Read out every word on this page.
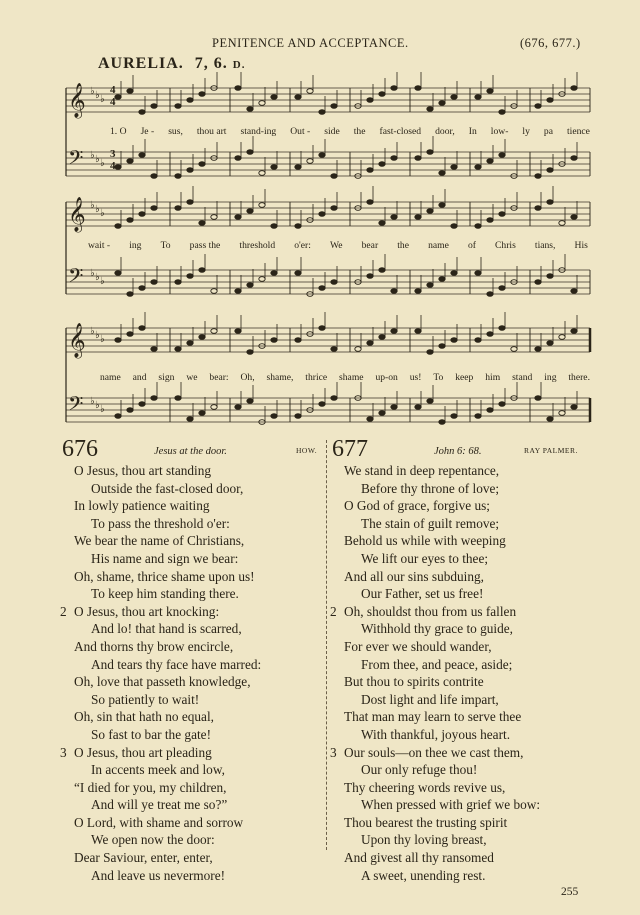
PENITENCE AND ACCEPTANCE.	(676, 677.)
AURELIA. 7, 6. D.
𝄞 ♭ ♭ ♭
𝄢 ♭ ♭ ♭
𝄞 ♭ ♭ ♭
𝄢 ♭ ♭ ♭
𝄞 ♭ ♭ ♭
𝄢 ♭ ♭ ♭
4
4
3
4
1. O Je - sus, thou art stand-ing Out - side the fast-closed door, In low- ly pa tience
wait - ing To pass the threshold o'er: We bear the name of Chris tians, His
name and sign we bear: Oh, shame, thrice shame up-on us! To keep him stand ing there.
676	Jesus at the door.	HOW.
O Jesus, thou art standing
Outside the fast-closed door,
In lowly patience waiting
To pass the threshold o'er:
We bear the name of Christians,
His name and sign we bear:
Oh, shame, thrice shame upon us!
To keep him standing there.
2 O Jesus, thou art knocking:
And lo! that hand is scarred,
And thorns thy brow encircle,
And tears thy face have marred:
Oh, love that passeth knowledge,
So patiently to wait!
Oh, sin that hath no equal,
So fast to bar the gate!
3 O Jesus, thou art pleading
In accents meek and low,
“I died for you, my children,
And will ye treat me so?”
O Lord, with shame and sorrow
We open now the door:
Dear Saviour, enter, enter,
And leave us nevermore!
677	John 6: 68.	RAY PALMER.
We stand in deep repentance,
Before thy throne of love;
O God of grace, forgive us;
The stain of guilt remove;
Behold us while with weeping
We lift our eyes to thee;
And all our sins subduing,
Our Father, set us free!
2 Oh, shouldst thou from us fallen
Withhold thy grace to guide,
For ever we should wander,
From thee, and peace, aside;
But thou to spirits contrite
Dost light and life impart,
That man may learn to serve thee
With thankful, joyous heart.
3 Our souls—on thee we cast them,
Our only refuge thou!
Thy cheering words revive us,
When pressed with grief we bow:
Thou bearest the trusting spirit
Upon thy loving breast,
And givest all thy ransomed
A sweet, unending rest.
255
